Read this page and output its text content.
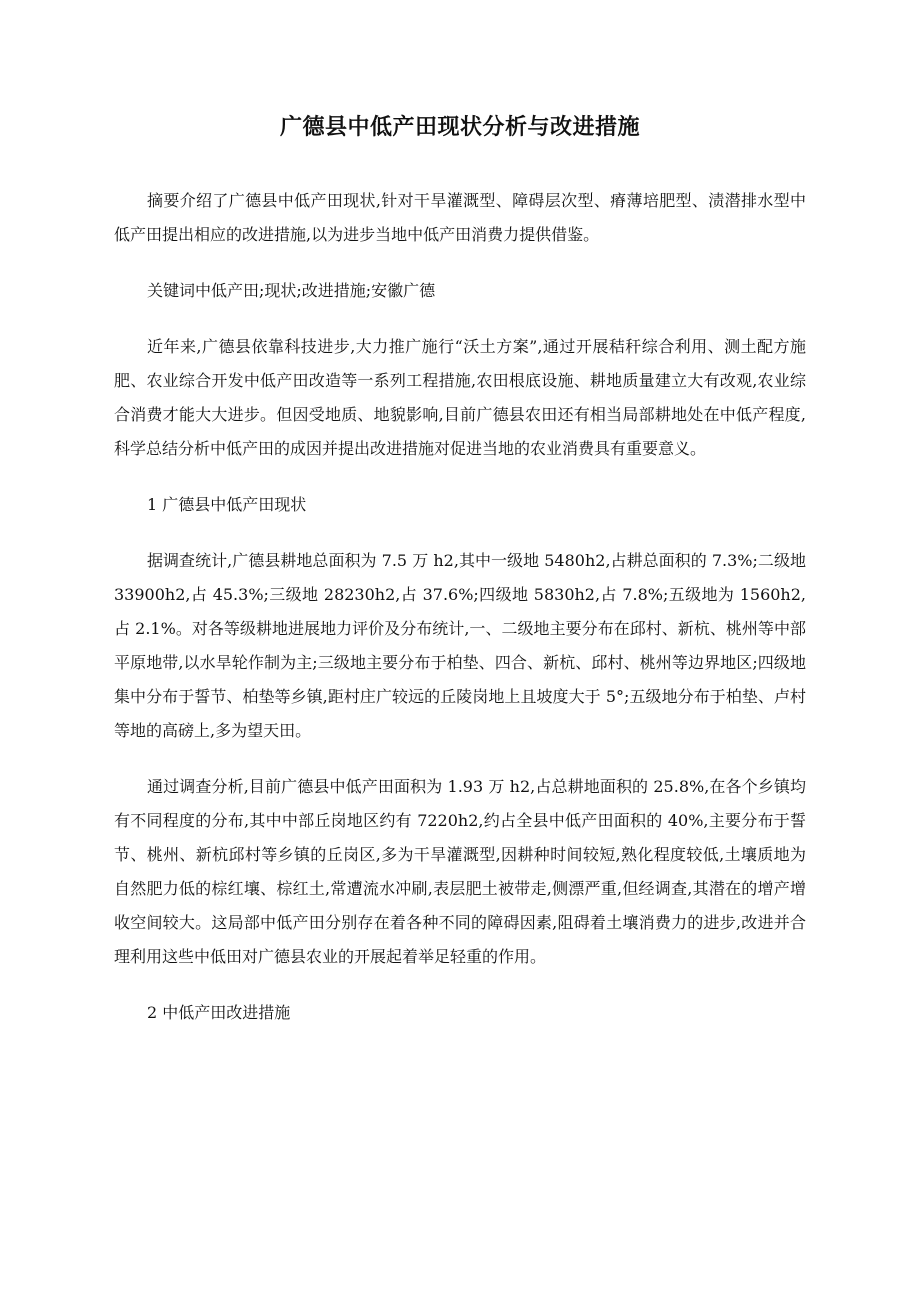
广德县中低产田现状分析与改进措施

摘要介绍了广德县中低产田现状,针对干旱灌溉型、障碍层次型、瘠薄培肥型、渍潜排水型中低产田提出相应的改进措施,以为进步当地中低产田消费力提供借鉴。

关键词中低产田;现状;改进措施;安徽广德

近年来,广德县依靠科技进步,大力推广施行“沃土方案”,通过开展秸秆综合利用、测土配方施肥、农业综合开发中低产田改造等一系列工程措施,农田根底设施、耕地质量建立大有改观,农业综合消费才能大大进步。但因受地质、地貌影响,目前广德县农田还有相当局部耕地处在中低产程度,科学总结分析中低产田的成因并提出改进措施对促进当地的农业消费具有重要意义。

1 广德县中低产田现状

据调查统计,广德县耕地总面积为 7.5 万 h2,其中一级地 5480h2,占耕总面积的 7.3%;二级地 33900h2,占 45.3%;三级地 28230h2,占 37.6%;四级地 5830h2,占 7.8%;五级地为 1560h2,占 2.1%。对各等级耕地进展地力评价及分布统计,一、二级地主要分布在邱村、新杭、桃州等中部平原地带,以水旱轮作制为主;三级地主要分布于柏垫、四合、新杭、邱村、桃州等边界地区;四级地集中分布于誓节、柏垫等乡镇,距村庄广较远的丘陵岗地上且坡度大于 5°;五级地分布于柏垫、卢村等地的高磅上,多为望天田。

通过调查分析,目前广德县中低产田面积为 1.93 万 h2,占总耕地面积的 25.8%,在各个乡镇均有不同程度的分布,其中中部丘岗地区约有 7220h2,约占全县中低产田面积的 40%,主要分布于誓节、桃州、新杭邱村等乡镇的丘岗区,多为干旱灌溉型,因耕种时间较短,熟化程度较低,土壤质地为自然肥力低的棕红壤、棕红土,常遭流水冲刷,表层肥土被带走,侧漂严重,但经调查,其潜在的增产增收空间较大。这局部中低产田分别存在着各种不同的障碍因素,阻碍着土壤消费力的进步,改进并合理利用这些中低田对广德县农业的开展起着举足轻重的作用。

2 中低产田改进措施
